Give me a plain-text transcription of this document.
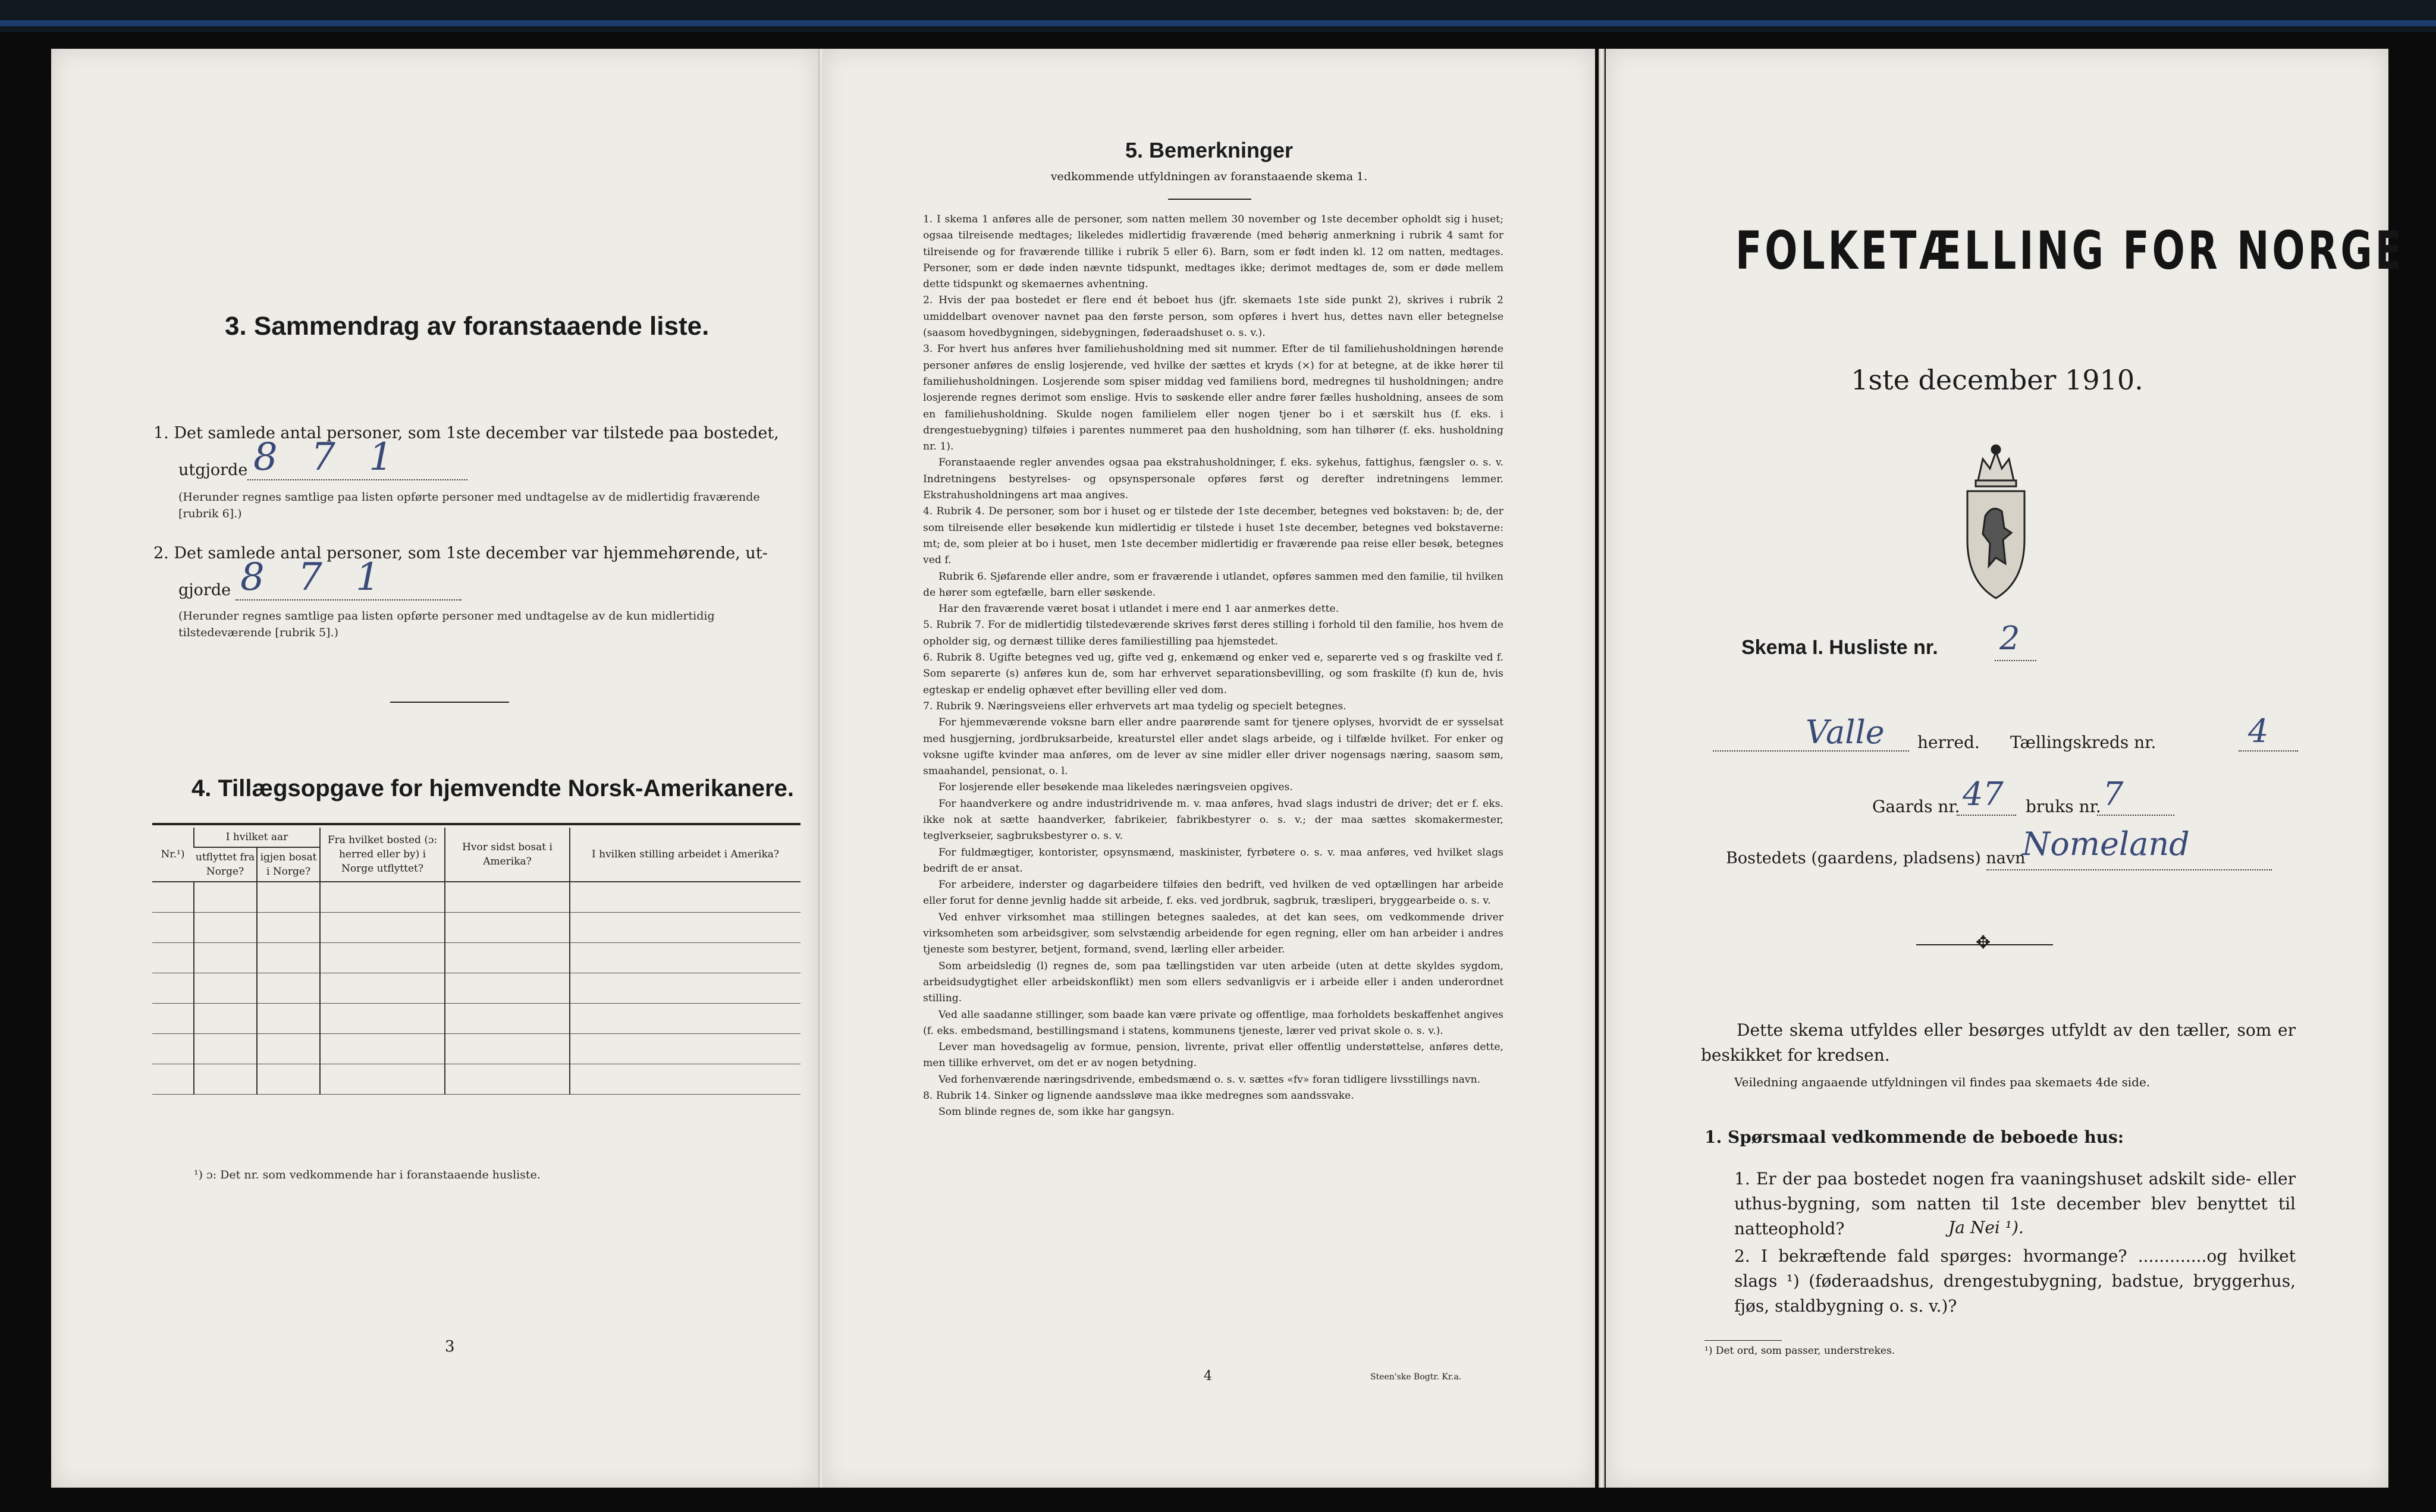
3. Sammendrag av foranstaaende liste.
1. Det samlede antal personer, som 1ste december var tilstede paa bostedet,
utgjorde 8 7 1
(Herunder regnes samtlige paa listen opførte personer med undtagelse av de midlertidig fraværende [rubrik 6].)
2. Det samlede antal personer, som 1ste december var hjemmehørende, ut-
gjorde 8 7 1
(Herunder regnes samtlige paa listen opførte personer med undtagelse av de kun midlertidig tilstedeværende [rubrik 5].)
4. Tillægsopgave for hjemvendte Norsk-Amerikanere.
Nr.¹)	I hvilket aar		Fra hvilket bosted (ɔ: herred eller by) i Norge utflyttet?	Hvor sidst bosat i Amerika?	I hvilken stilling arbeidet i Amerika?
	utflyttet fra Norge?	igjen bosat i Norge?			

¹) ɔ: Det nr. som vedkommende har i foranstaaende husliste.
3
5. Bemerkninger
vedkommende utfyldningen av foranstaaende skema 1.

1. I skema 1 anføres alle de personer, som natten mellem 30 november og 1ste december opholdt sig i huset; ogsaa tilreisende medtages; likeledes midlertidig fraværende (med behørig anmerkning i rubrik 4 samt for tilreisende og for fraværende tillike i rubrik 5 eller 6). Barn, som er født inden kl. 12 om natten, medtages. Personer, som er døde inden nævnte tidspunkt, medtages ikke; derimot medtages de, som er døde mellem dette tidspunkt og skemaernes avhentning.

2. Hvis der paa bostedet er flere end ét beboet hus (jfr. skemaets 1ste side punkt 2), skrives i rubrik 2 umiddelbart ovenover navnet paa den første person, som opføres i hvert hus, dettes navn eller betegnelse (saasom hovedbygningen, sidebygningen, føderaadshuset o. s. v.).

3. For hvert hus anføres hver familiehusholdning med sit nummer. Efter de til familiehusholdningen hørende personer anføres de enslig losjerende, ved hvilke der sættes et kryds (×) for at betegne, at de ikke hører til familiehusholdningen. Losjerende som spiser middag ved familiens bord, medregnes til husholdningen; andre losjerende regnes derimot som enslige. Hvis to søskende eller andre fører fælles husholdning, ansees de som en familiehusholdning. Skulde nogen familielem eller nogen tjener bo i et særskilt hus (f. eks. i drengestuebygning) tilføies i parentes nummeret paa den husholdning, som han tilhører (f. eks. husholdning nr. 1).

Foranstaaende regler anvendes ogsaa paa ekstrahusholdninger, f. eks. sykehus, fattighus, fængsler o. s. v. Indretningens bestyrelses- og opsynspersonale opføres først og derefter indretningens lemmer. Ekstrahusholdningens art maa angives.

4. Rubrik 4. De personer, som bor i huset og er tilstede der 1ste december, betegnes ved bokstaven: b; de, der som tilreisende eller besøkende kun midlertidig er tilstede i huset 1ste december, betegnes ved bokstaverne: mt; de, som pleier at bo i huset, men 1ste december midlertidig er fraværende paa reise eller besøk, betegnes ved f.

Rubrik 6. Sjøfarende eller andre, som er fraværende i utlandet, opføres sammen med den familie, til hvilken de hører som egtefælle, barn eller søskende.

Har den fraværende været bosat i utlandet i mere end 1 aar anmerkes dette.

5. Rubrik 7. For de midlertidig tilstedeværende skrives først deres stilling i forhold til den familie, hos hvem de opholder sig, og dernæst tillike deres familiestilling paa hjemstedet.

6. Rubrik 8. Ugifte betegnes ved ug, gifte ved g, enkemænd og enker ved e, separerte ved s og fraskilte ved f. Som separerte (s) anføres kun de, som har erhvervet separationsbevilling, og som fraskilte (f) kun de, hvis egteskap er endelig ophævet efter bevilling eller ved dom.

7. Rubrik 9. Næringsveiens eller erhvervets art maa tydelig og specielt betegnes.

For hjemmeværende voksne barn eller andre paarørende samt for tjenere oplyses, hvorvidt de er sysselsat med husgjerning, jordbruksarbeide, kreaturstel eller andet slags arbeide, og i tilfælde hvilket. For enker og voksne ugifte kvinder maa anføres, om de lever av sine midler eller driver nogensags næring, saasom søm, smaahandel, pensionat, o. l.

For losjerende eller besøkende maa likeledes næringsveien opgives.

For haandverkere og andre industridrivende m. v. maa anføres, hvad slags industri de driver; det er f. eks. ikke nok at sætte haandverker, fabrikeier, fabrikbestyrer o. s. v.; der maa sættes skomakermester, teglverkseier, sagbruksbestyrer o. s. v.

For fuldmægtiger, kontorister, opsynsmænd, maskinister, fyrbøtere o. s. v. maa anføres, ved hvilket slags bedrift de er ansat.

For arbeidere, inderster og dagarbeidere tilføies den bedrift, ved hvilken de ved optællingen har arbeide eller forut for denne jevnlig hadde sit arbeide, f. eks. ved jordbruk, sagbruk, træsliperi, bryggearbeide o. s. v.

Ved enhver virksomhet maa stillingen betegnes saaledes, at det kan sees, om vedkommende driver virksomheten som arbeidsgiver, som selvstændig arbeidende for egen regning, eller om han arbeider i andres tjeneste som bestyrer, betjent, formand, svend, lærling eller arbeider.

Som arbeidsledig (l) regnes de, som paa tællingstiden var uten arbeide (uten at dette skyldes sygdom, arbeidsudygtighet eller arbeidskonflikt) men som ellers sedvanligvis er i arbeide eller i anden underordnet stilling.

Ved alle saadanne stillinger, som baade kan være private og offentlige, maa forholdets beskaffenhet angives (f. eks. embedsmand, bestillingsmand i statens, kommunens tjeneste, lærer ved privat skole o. s. v.).

Lever man hovedsagelig av formue, pension, livrente, privat eller offentlig understøttelse, anføres dette, men tillike erhvervet, om det er av nogen betydning.

Ved forhenværende næringsdrivende, embedsmænd o. s. v. sættes «fv» foran tidligere livsstillings navn.

8. Rubrik 14. Sinker og lignende aandssløve maa ikke medregnes som aandssvake.

Som blinde regnes de, som ikke har gangsyn.

4	Steen'ske Bogtr. Kr.a.
FOLKETÆLLING FOR NORGE
1ste december 1910.
Skema I. Husliste nr. 2
Valle herred. Tællingskreds nr.	4
Gaards nr. 47 bruks nr. 7
Bostedets (gaardens, pladsens) navn
Nomeland
✥
Dette skema utfyldes eller besørges utfyldt av den tæller, som er beskikket for kredsen.
Veiledning angaaende utfyldningen vil findes paa skemaets 4de side.
1. Spørsmaal vedkommende de beboede hus:
1. Er der paa bostedet nogen fra vaaningshuset adskilt side- eller uthus-bygning, som natten til 1ste december blev benyttet til natteophold?	Ja Nei ¹).
2. I bekræftende fald spørges: hvormange? .............og hvilket slags ¹) (føderaadshus, drengestubygning, badstue, bryggerhus, fjøs, staldbygning o. s. v.)?
¹) Det ord, som passer, understrekes.
